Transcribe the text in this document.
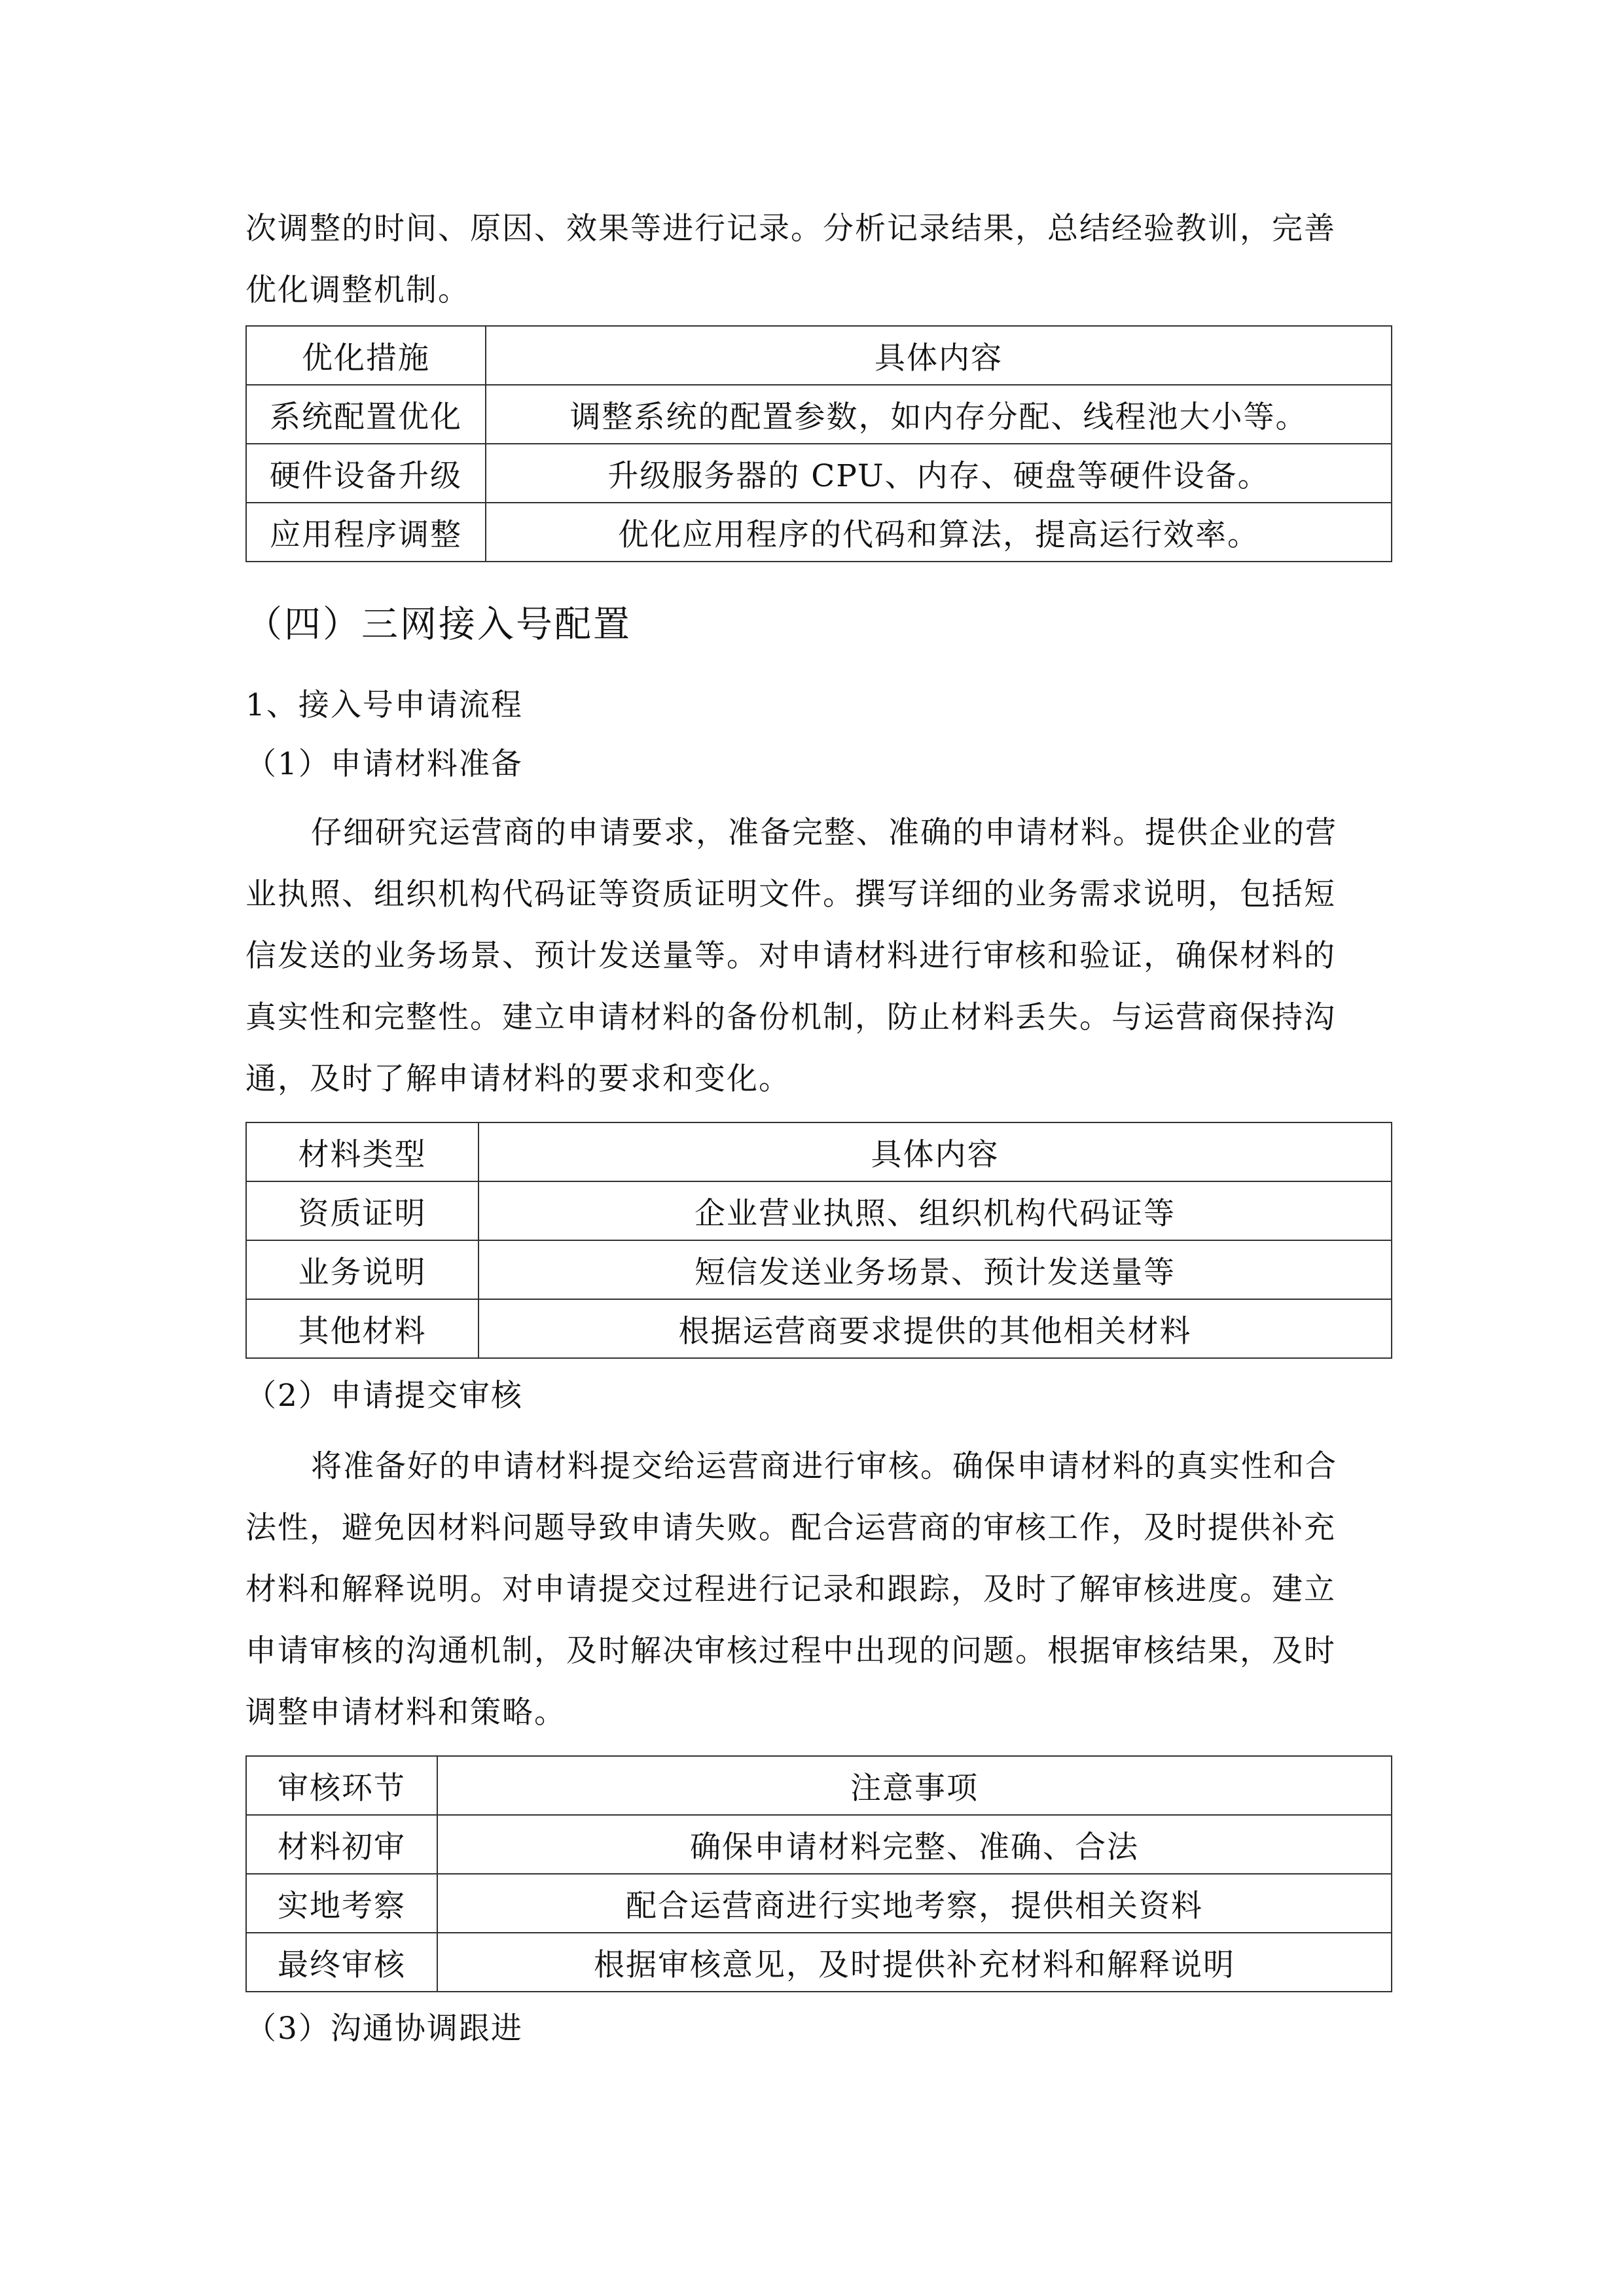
次调整的时间、原因、效果等进行记录。分析记录结果，总结经验教训，完善
优化调整机制。
优化措施	具体内容
系统配置优化	调整系统的配置参数，如内存分配、线程池大小等。
硬件设备升级	升级服务器的 CPU、内存、硬盘等硬件设备。
应用程序调整	优化应用程序的代码和算法，提高运行效率。
（四）三网接入号配置
1、接入号申请流程
（1）申请材料准备
仔细研究运营商的申请要求，准备完整、准确的申请材料。提供企业的营
业执照、组织机构代码证等资质证明文件。撰写详细的业务需求说明，包括短
信发送的业务场景、预计发送量等。对申请材料进行审核和验证，确保材料的
真实性和完整性。建立申请材料的备份机制，防止材料丢失。与运营商保持沟
通，及时了解申请材料的要求和变化。
材料类型	具体内容
资质证明	企业营业执照、组织机构代码证等
业务说明	短信发送业务场景、预计发送量等
其他材料	根据运营商要求提供的其他相关材料
（2）申请提交审核
将准备好的申请材料提交给运营商进行审核。确保申请材料的真实性和合
法性，避免因材料问题导致申请失败。配合运营商的审核工作，及时提供补充
材料和解释说明。对申请提交过程进行记录和跟踪，及时了解审核进度。建立
申请审核的沟通机制，及时解决审核过程中出现的问题。根据审核结果，及时
调整申请材料和策略。
审核环节	注意事项
材料初审	确保申请材料完整、准确、合法
实地考察	配合运营商进行实地考察，提供相关资料
最终审核	根据审核意见，及时提供补充材料和解释说明
（3）沟通协调跟进
